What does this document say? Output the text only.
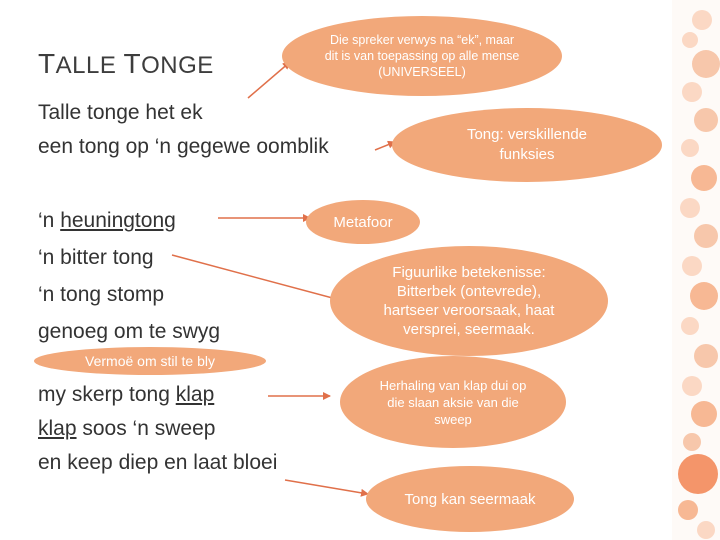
TALLE TONGE
Die spreker verwys na “ek”, maar dit is van toepassing op alle mense (UNIVERSEEL)
Talle tonge het ek
een tong op ‘n gegewe oomblik
Tong: verskillende funksies
Metafoor
‘n heuningtong
‘n bitter tong
‘n tong stomp
genoeg om te swyg
Figuurlike betekenisse: Bitterbek (ontevrede), hartseer veroorsaak, haat versprei, seermaak.
Vermoë om stil te bly
my skerp tong klap
klap soos ‘n sweep
en keep diep en laat bloei
Herhaling van klap dui op die slaan aksie van die sweep
Tong kan seermaak
